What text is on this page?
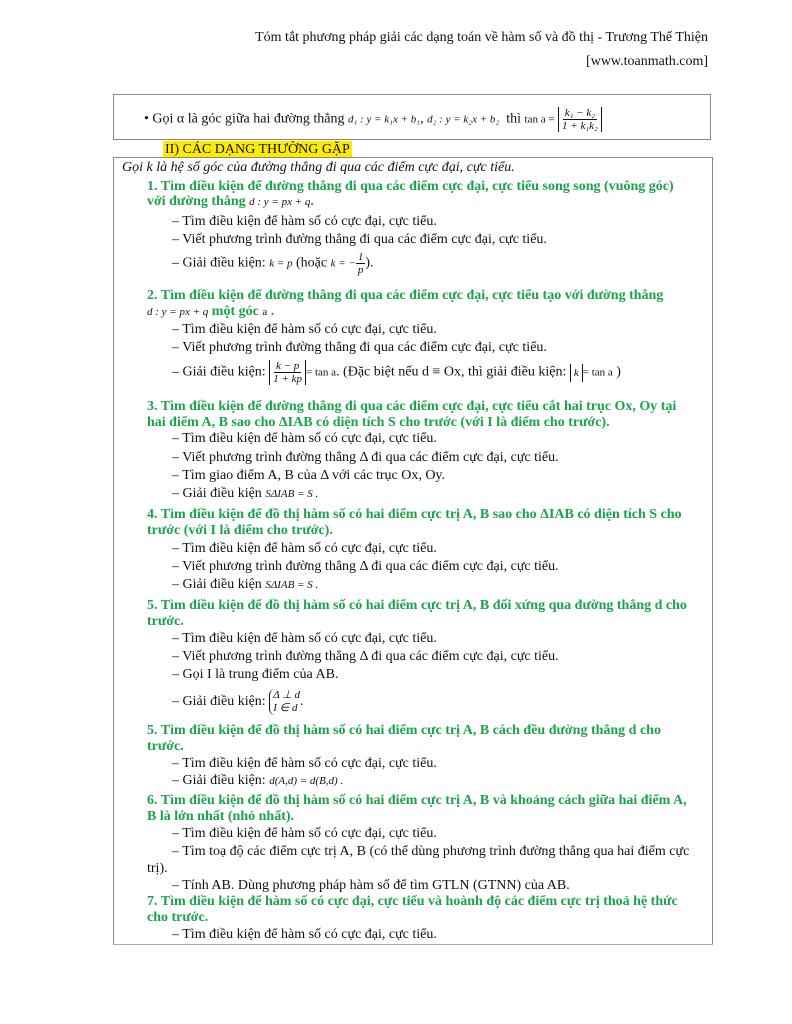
Tóm tắt phương pháp giải các dạng toán về hàm số và đồ thị - Trương Thế Thiện
[www.toanmath.com]
• Gọi α là góc giữa hai đường thẳng d₁ : y = k₁x + b₁, d₂ : y = k₂x + b₂ thì $\tan a = \frac{\text{k₁ − k₂}}{\text{1 + k₁k₂}}$
II) CÁC DẠNG THƯỜNG GẶP
Gọi k là hệ số góc của đường thẳng đi qua các điểm cực đại, cực tiểu.
1. Tìm điều kiện để đường thẳng đi qua các điểm cực đại, cực tiểu song song (vuông góc)
với đường thẳng d : y = px + q.
– Tìm điều kiện để hàm số có cực đại, cực tiểu.
– Viết phương trình đường thẳng đi qua các điểm cực đại, cực tiểu.
– Giải điều kiện: k = p (hoặc k = − $\frac{1}{p}$ ).
2. Tìm điều kiện để đường thẳng đi qua các điểm cực đại, cực tiểu tạo với đường thẳng
d : y = px + q một góc a .
– Tìm điều kiện để hàm số có cực đại, cực tiểu.
– Viết phương trình đường thẳng đi qua các điểm cực đại, cực tiểu.
– Giải điều kiện: $\frac{k - p}{1 + kp} = \tan a$. (Đặc biệt nếu d ≡ Ox, thì giải điều kiện: k = tan a )
3. Tìm điều kiện để đường thẳng đi qua các điểm cực đại, cực tiểu cắt hai trục Ox, Oy tại
hai điểm A, B sao cho ΔIAB có diện tích S cho trước (với I là điểm cho trước).
– Tìm điều kiện để hàm số có cực đại, cực tiểu.
– Viết phương trình đường thẳng Δ đi qua các điểm cực đại, cực tiểu.
– Tìm giao điểm A, B của Δ với các trục Ox, Oy.
– Giải điều kiện SΔIAB = S .
4. Tìm điều kiện để đồ thị hàm số có hai điểm cực trị A, B sao cho ΔIAB có diện tích S cho
trước (với I là điểm cho trước).
– Tìm điều kiện để hàm số có cực đại, cực tiểu.
– Viết phương trình đường thẳng Δ đi qua các điểm cực đại, cực tiểu.
– Giải điều kiện SΔIAB = S .
5. Tìm điều kiện để đồ thị hàm số có hai điểm cực trị A, B đối xứng qua đường thẳng d cho
trước.
– Tìm điều kiện để hàm số có cực đại, cực tiểu.
– Viết phương trình đường thẳng Δ đi qua các điểm cực đại, cực tiểu.
– Gọi I là trung điểm của AB.
– Giải điều kiện: Δ ⊥ d
I ∈ d .
5. Tìm điều kiện để đồ thị hàm số có hai điểm cực trị A, B cách đều đường thẳng d cho
trước.
– Tìm điều kiện để hàm số có cực đại, cực tiểu.
– Giải điều kiện: d(A,d) = d(B,d) .
6. Tìm điều kiện để đồ thị hàm số có hai điểm cực trị A, B và khoảng cách giữa hai điểm A,
B là lớn nhất (nhỏ nhất).
– Tìm điều kiện để hàm số có cực đại, cực tiểu.
– Tìm toạ độ các điểm cực trị A, B (có thể dùng phương trình đường thẳng qua hai điểm cực
trị).
– Tính AB. Dùng phương pháp hàm số để tìm GTLN (GTNN) của AB.
7. Tìm điều kiện để hàm số có cực đại, cực tiểu và hoành độ các điểm cực trị thoả hệ thức
cho trước.
– Tìm điều kiện để hàm số có cực đại, cực tiểu.
